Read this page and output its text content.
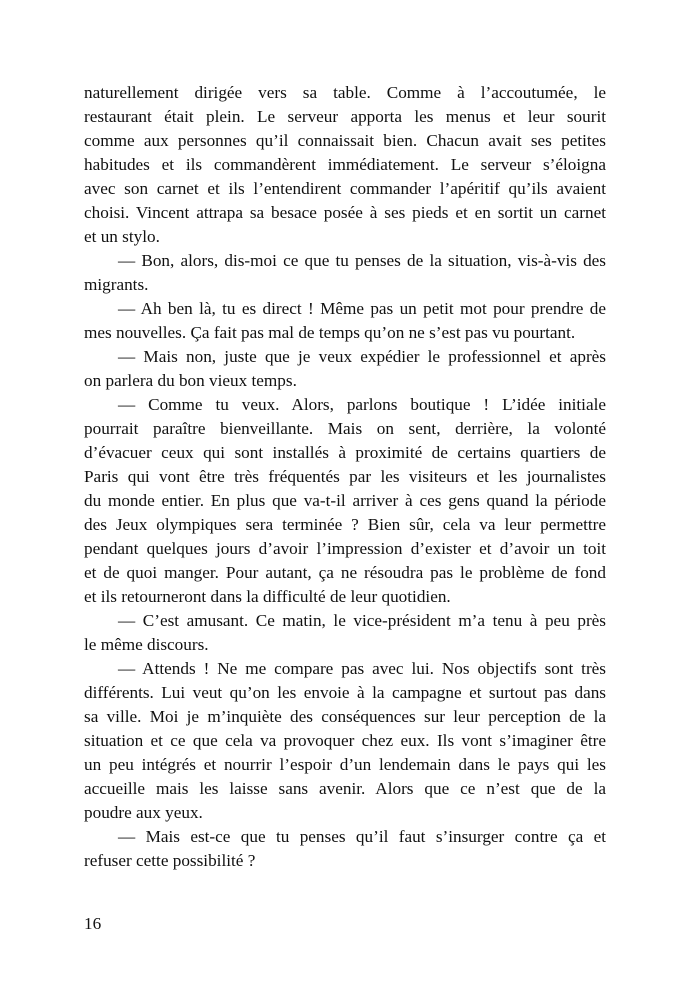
naturellement dirigée vers sa table. Comme à l’accoutumée, le
restaurant était plein. Le serveur apporta les menus et leur sourit
comme aux personnes qu’il connaissait bien. Chacun avait ses petites
habitudes et ils commandèrent immédiatement. Le serveur s’éloigna
avec son carnet et ils l’entendirent commander l’apéritif qu’ils avaient
choisi. Vincent attrapa sa besace posée à ses pieds et en sortit un carnet
et un stylo.
— Bon, alors, dis-moi ce que tu penses de la situation, vis-à-vis des
migrants.
— Ah ben là, tu es direct ! Même pas un petit mot pour prendre de
mes nouvelles. Ça fait pas mal de temps qu’on ne s’est pas vu pourtant.
— Mais non, juste que je veux expédier le professionnel et après
on parlera du bon vieux temps.
— Comme tu veux. Alors, parlons boutique ! L’idée initiale
pourrait paraître bienveillante. Mais on sent, derrière, la volonté
d’évacuer ceux qui sont installés à proximité de certains quartiers de
Paris qui vont être très fréquentés par les visiteurs et les journalistes
du monde entier. En plus que va-t-il arriver à ces gens quand la période
des Jeux olympiques sera terminée ? Bien sûr, cela va leur permettre
pendant quelques jours d’avoir l’impression d’exister et d’avoir un toit
et de quoi manger. Pour autant, ça ne résoudra pas le problème de fond
et ils retourneront dans la difficulté de leur quotidien.
— C’est amusant. Ce matin, le vice-président m’a tenu à peu près
le même discours.
— Attends ! Ne me compare pas avec lui. Nos objectifs sont très
différents. Lui veut qu’on les envoie à la campagne et surtout pas dans
sa ville. Moi je m’inquiète des conséquences sur leur perception de la
situation et ce que cela va provoquer chez eux. Ils vont s’imaginer être
un peu intégrés et nourrir l’espoir d’un lendemain dans le pays qui les
accueille mais les laisse sans avenir. Alors que ce n’est que de la
poudre aux yeux.
— Mais est-ce que tu penses qu’il faut s’insurger contre ça et
refuser cette possibilité ?
16
